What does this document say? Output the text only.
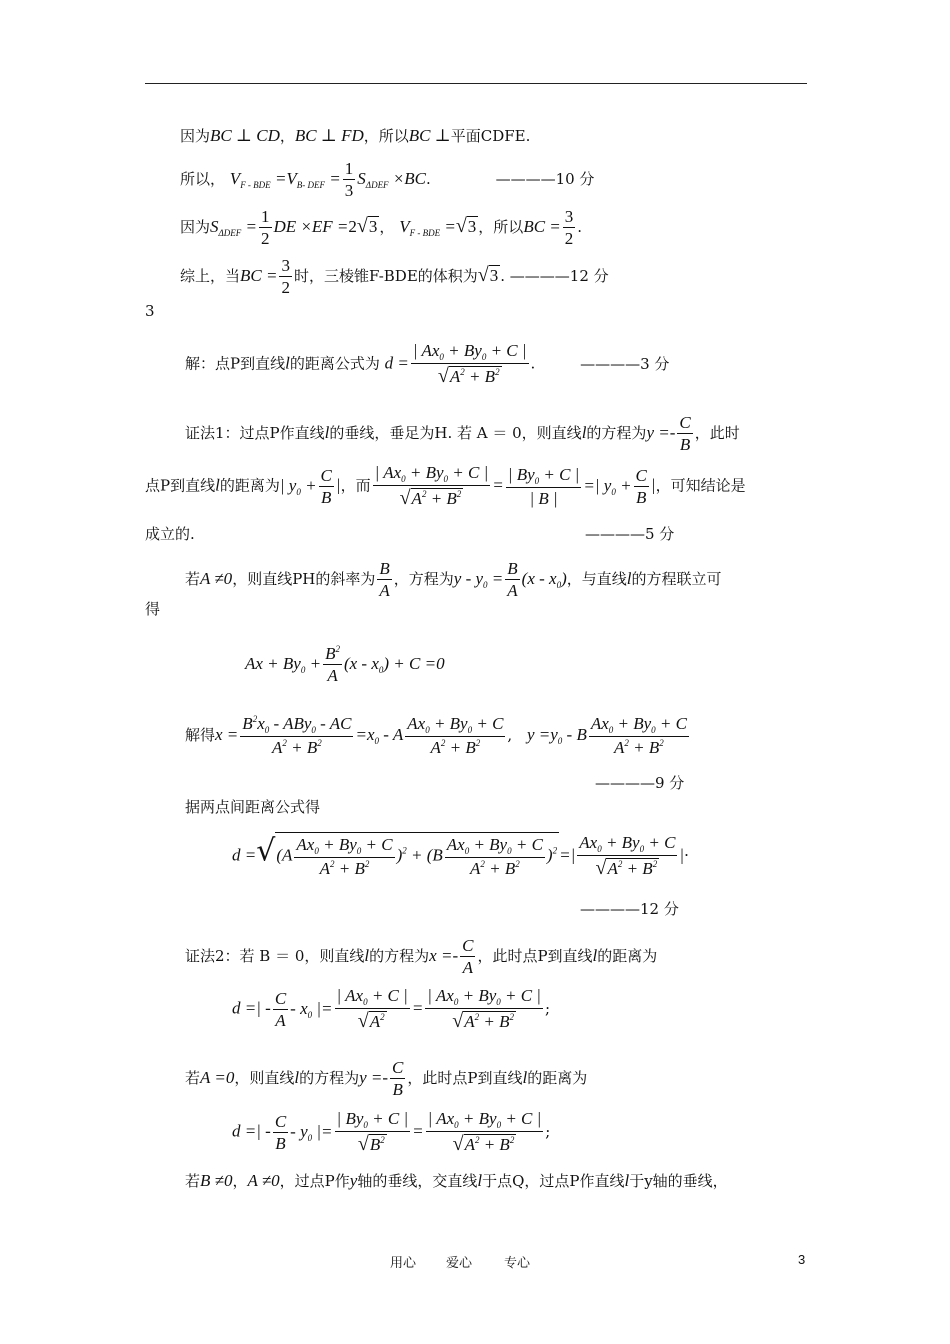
因为BC ⊥ CD，BC ⊥ FD，所以BC ⊥平面CDFE.
所以， $V_{F - BDE} =V_{B- DEF} = \frac{1}{3} S_{\Delta DEF} \times BC$.	————10 分
因为$S_{\Delta DEF} = \frac{1}{2}$ DE ×EF =2√3 ， $V_{F - BDE} =√3$ ，所以BC = $\frac{3}{2}$ .
综上，当BC = $\frac{3}{2}$ 时，三棱锥F-BDE的体积为√3 . ————12 分
3
解：点P到直线l的距离公式为 $d = \frac{| Ax_0 + By_0 + C |}{√A^2 + B^2}$ .	————3 分
证法1：过点P作直线l的垂线，垂足为H. 若 A ＝ 0，则直线l的方程为$y =- \frac{C}{B}$ ，此时
点P到直线l的距离为| $y_0 + \frac{C}{B}$ |，而 $\frac{| Ax_0 + By_0 + C |}{√A^2 + B^2} = \frac{| By_0 + C |}{| B |}$ =| $y_0 + \frac{C}{B}$ |，可知结论是
成立的.	————5 分
若A ≠0，则直线PH的斜率为 $\frac{B}{A}$ ，方程为$y - y_0 = \frac{B}{A} (x - x_0)$，与直线l的方程联立可
得
$Ax + By_0 + \frac{B^2}{A} (x - x_0) + C =0$
解得$x = \frac{B^2x_0 - ABy_0 - AC}{A^2 + B^2} =x_0 - A \frac{Ax_0 + By_0 + C}{A^2 + B^2}$ , $y =y_0 - B \frac{Ax_0 + By_0 + C}{A^2 + B^2}$
————9 分
据两点间距离公式得
$d =√(A \frac{Ax_0 + By_0 + C}{A^2 + B^2} )^2 + (B \frac{Ax_0 + By_0 + C}{A^2 + B^2} )^2$ =| $\frac{Ax_0 + By_0 + C}{√A^2 + B^2}$ |·
————12 分
证法2：若 B ＝ 0，则直线l的方程为$x =- \frac{C}{A}$ ，此时点P到直线l的距离为
d =| - $\frac{C}{A} - x_0$ |= $\frac{| Ax_0 + C |}{√A^2} = \frac{| Ax_0 + By_0 + C |}{√A^2 + B^2}$ ;
若A =0，则直线l的方程为$y =- \frac{C}{B}$ ，此时点P到直线l的距离为
d =| - $\frac{C}{B} - y_0$ |= $\frac{| By_0 + C |}{√B^2} = \frac{| Ax_0 + By_0 + C |}{√A^2 + B^2}$ ;
若B ≠0，A ≠0，过点P作y轴的垂线，交直线l于点Q，过点P作直线l于y轴的垂线，
用心 爱心 专心	3
